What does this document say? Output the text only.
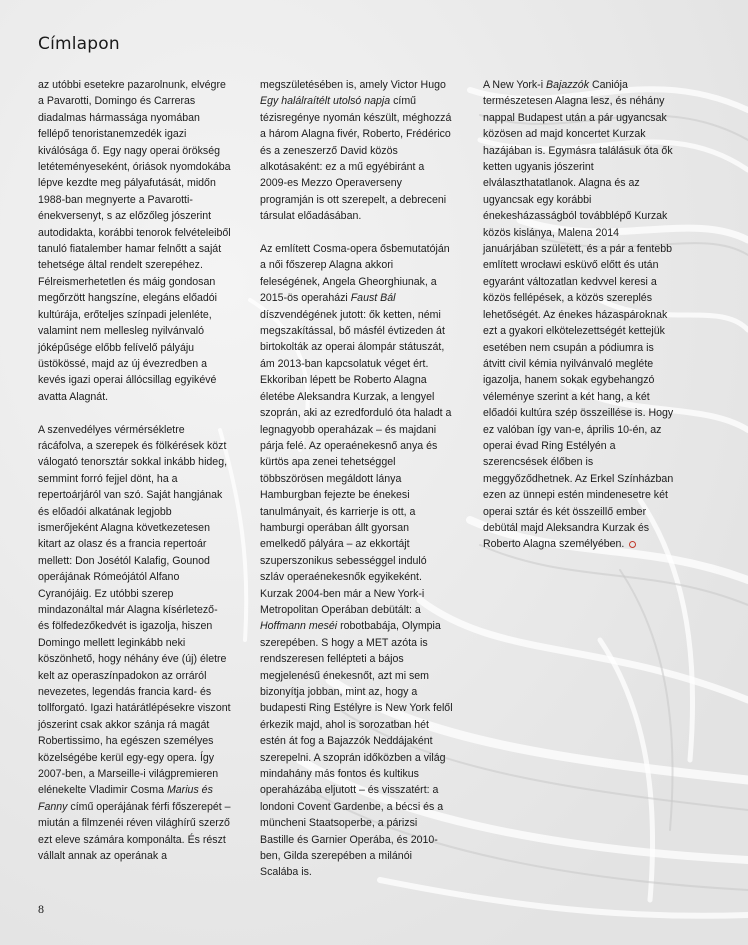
Címlapon

az utóbbi esetekre pazarolnunk, elvégre a Pavarotti, Domingo és Carreras diadalmas hármassága nyomában fellépő tenoristanemzedék igazi kiválósága ő. Egy nagy operai örökség letéteményeseként, óriások nyomdokába lépve kezdte meg pályafutását, midőn 1988-ban megnyerte a Pavarotti-énekversenyt, s az előzőleg jószerint autodidakta, korábbi tenorok felvételeiből tanuló fiatalember hamar felnőtt a saját tehetsége által rendelt szerepéhez. Félreismerhetetlen és máig gondosan megőrzött hangszíne, elegáns előadói kultúrája, erőteljes színpadi jelenléte, valamint nem mellesleg nyilvánvaló jóképűsége előbb felívelő pályáju üstökössé, majd az új évezredben a kevés igazi operai állócsillag egyikévé avatta Alagnát.

A szenvedélyes vérmérsékletre rácáfolva, a szerepek és fölkérések közt válogató tenorsztár sokkal inkább hideg, semmint forró fejjel dönt, ha a repertoárjáról van szó. Saját hangjának és előadói alkatának legjobb ismerőjeként Alagna következetesen kitart az olasz és a francia repertoár mellett: Don Josétól Kalafig, Gounod operájának Rómeójától Alfano Cyranójáig. Ez utóbbi szerep mindazonáltal már Alagna kísérletező- és fölfedezőkedvét is igazolja, hiszen Domingo mellett leginkább neki köszönhető, hogy néhány éve (új) életre kelt az operaszínpadokon az orráról nevezetes, legendás francia kard- és tollforgató. Igazi határátlépésekre viszont jószerint csak akkor szánja rá magát Robertissimo, ha egészen személyes közelségébe kerül egy-egy opera. Így 2007-ben, a Marseille-i világpremieren elénekelte Vladimir Cosma Marius és Fanny című operájának férfi főszerepét – miután a filmzenéi réven világhírű szerző ezt eleve számára komponálta. És részt vállalt annak az operának a

megszületésében is, amely Victor Hugo Egy halálraítélt utolsó napja című tézisregénye nyomán készült, méghozzá a három Alagna fivér, Roberto, Frédérico és a zeneszerző David közös alkotásaként: ez a mű egyébiránt a 2009-es Mezzo Operaverseny programján is ott szerepelt, a debreceni társulat előadásában.

Az említett Cosma-opera ősbemutatóján a női főszerep Alagna akkori feleségének, Angela Gheorghiunak, a 2015-ös operaházi Faust Bál díszvendégének jutott: ők ketten, némi megszakítással, bő másfél évtizeden át birtokolták az operai álompár státuszát, ám 2013-ban kapcsolatuk véget ért. Ekkoriban lépett be Roberto Alagna életébe Aleksandra Kurzak, a lengyel szoprán, aki az ezredforduló óta haladt a legnagyobb operaházak – és majdani párja felé. Az operaénekesnő anya és kürtös apa zenei tehetséggel többszörösen megáldott lánya Hamburgban fejezte be énekesi tanulmányait, és karrierje is ott, a hamburgi operában állt gyorsan emelkedő pályára – az ekkortájt szuperszonikus sebességgel induló szláv operaénekesnők egyikeként. Kurzak 2004-ben már a New York-i Metropolitan Operában debütált: a Hoffmann meséi robotbabája, Olympia szerepében. S hogy a MET azóta is rendszeresen fellépteti a bájos megjelenésű énekesnőt, azt mi sem bizonyítja jobban, mint az, hogy a budapesti Ring Estélyre is New York felől érkezik majd, ahol is sorozatban hét estén át fog a Bajazzók Neddájaként szerepelni. A szoprán időközben a világ mindahány más fontos és kultikus operaházába eljutott – és visszatért: a londoni Covent Gardenbe, a bécsi és a müncheni Staatsoperbe, a párizsi Bastille és Garnier Operába, és 2010-ben, Gilda szerepében a milánói Scalába is.

A New York-i Bajazzók Caniója természetesen Alagna lesz, és néhány nappal Budapest után a pár ugyancsak közösen ad majd koncertet Kurzak hazájában is. Egymásra találásuk óta ők ketten ugyanis jószerint elválaszthatatlanok. Alagna és az ugyancsak egy korábbi énekesházasságból továbblépő Kurzak közös kislánya, Malena 2014 januárjában született, és a pár a fentebb említett wrocławi esküvő előtt és után egyaránt változatlan kedvvel keresi a közös fellépések, a közös szereplés lehetőségét. Az énekes házaspároknak ezt a gyakori elkötelezettségét kettejük esetében nem csupán a pódiumra is átvitt civil kémia nyilvánvaló megléte igazolja, hanem sokak egybehangzó véleménye szerint a két hang, a két előadói kultúra szép összeillése is. Hogy ez valóban így van-e, április 10-én, az operai évad Ring Estélyén a szerencsések élőben is meggyőződhetnek. Az Erkel Színházban ezen az ünnepi estén mindenesetre két operai sztár és két összeillő ember debütál majd Aleksandra Kurzak és Roberto Alagna személyében.

8
